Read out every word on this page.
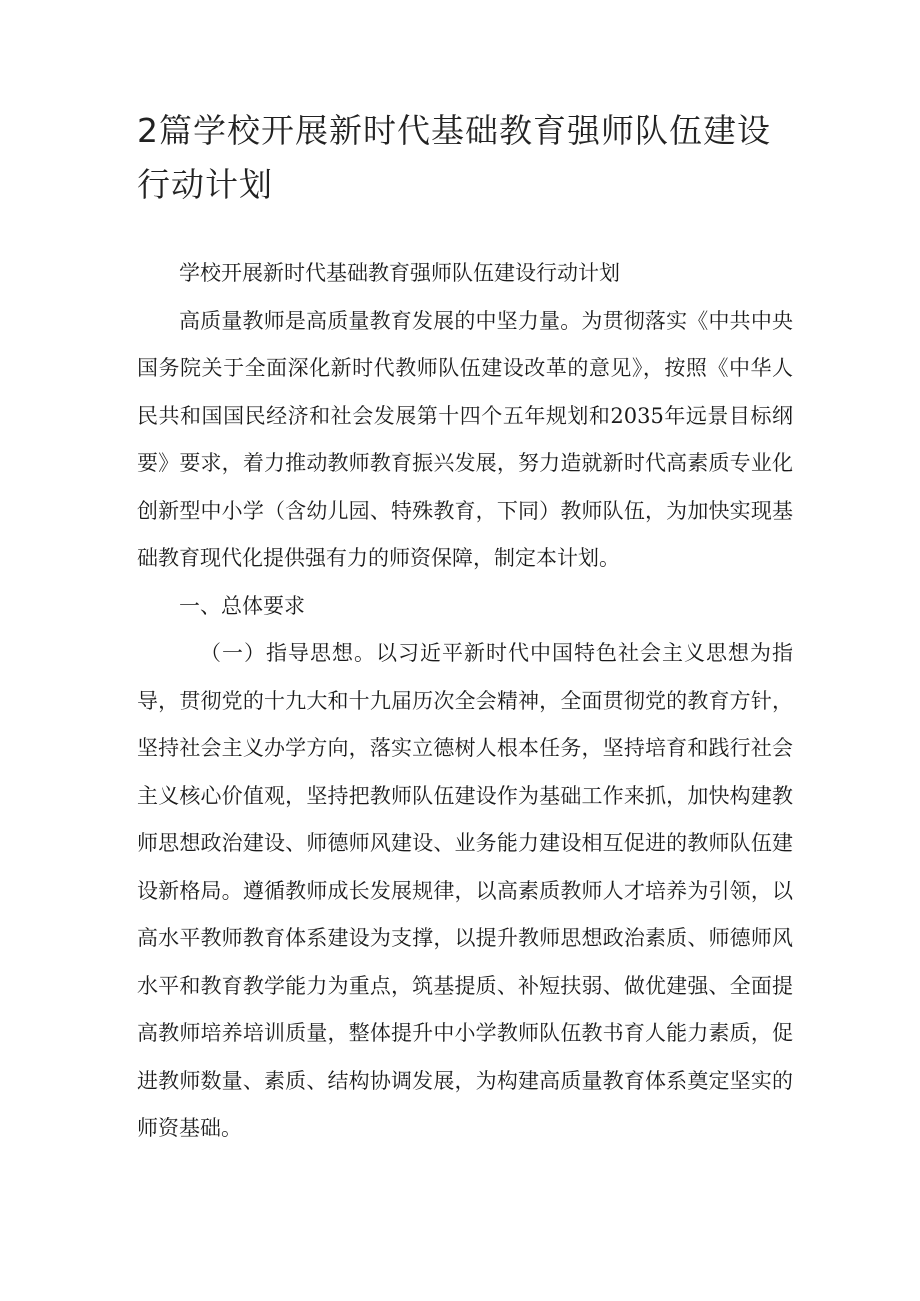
2篇学校开展新时代基础教育强师队伍建设行动计划

学校开展新时代基础教育强师队伍建设行动计划

高质量教师是高质量教育发展的中坚力量。为贯彻落实《中共中央国务院关于全面深化新时代教师队伍建设改革的意见》，按照《中华人民共和国国民经济和社会发展第十四个五年规划和2035年远景目标纲要》要求，着力推动教师教育振兴发展，努力造就新时代高素质专业化创新型中小学（含幼儿园、特殊教育，下同）教师队伍，为加快实现基础教育现代化提供强有力的师资保障，制定本计划。

一、总体要求

（一）指导思想。以习近平新时代中国特色社会主义思想为指导，贯彻党的十九大和十九届历次全会精神，全面贯彻党的教育方针，坚持社会主义办学方向，落实立德树人根本任务，坚持培育和践行社会主义核心价值观，坚持把教师队伍建设作为基础工作来抓，加快构建教师思想政治建设、师德师风建设、业务能力建设相互促进的教师队伍建设新格局。遵循教师成长发展规律，以高素质教师人才培养为引领，以高水平教师教育体系建设为支撑，以提升教师思想政治素质、师德师风水平和教育教学能力为重点，筑基提质、补短扶弱、做优建强、全面提高教师培养培训质量，整体提升中小学教师队伍教书育人能力素质，促进教师数量、素质、结构协调发展，为构建高质量教育体系奠定坚实的师资基础。
